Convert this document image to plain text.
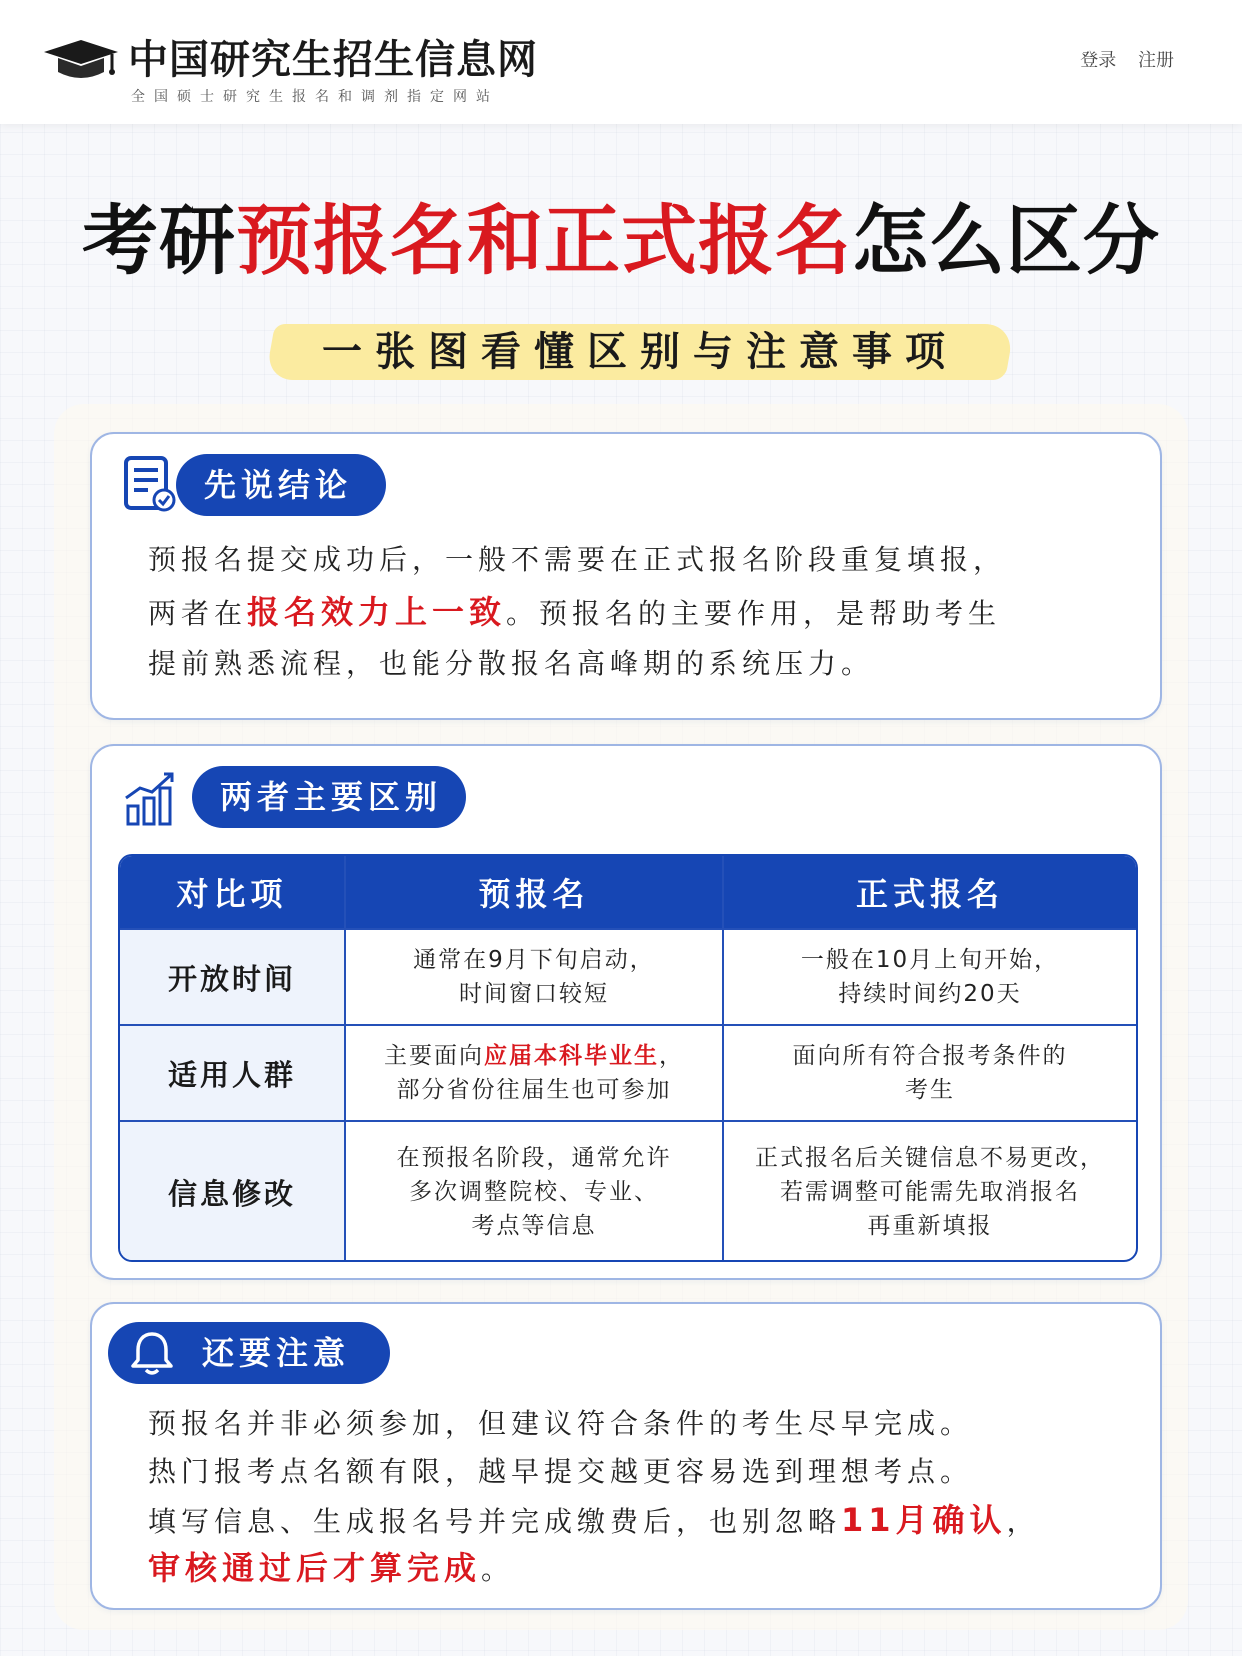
中国研究生招生信息网
全国硕士研究生报名和调剂指定网站
登录 注册
考研预报名和正式报名怎么区分
一张图看懂区别与注意事项
先说结论
预报名提交成功后，一般不需要在正式报名阶段重复填报，
两者在报名效力上一致。预报名的主要作用，是帮助考生
提前熟悉流程，也能分散报名高峰期的系统压力。
两者主要区别
对比项	预报名	正式报名
开放时间
通常在9月下旬启动，
时间窗口较短
一般在10月上旬开始，
持续时间约20天
适用人群
主要面向应届本科毕业生，
部分省份往届生也可参加
面向所有符合报考条件的
考生
信息修改
在预报名阶段，通常允许
多次调整院校、专业、
考点等信息
正式报名后关键信息不易更改，
若需调整可能需先取消报名
再重新填报
还要注意
预报名并非必须参加，但建议符合条件的考生尽早完成。
热门报考点名额有限，越早提交越更容易选到理想考点。
填写信息、生成报名号并完成缴费后，也别忽略11月确认，
审核通过后才算完成。
